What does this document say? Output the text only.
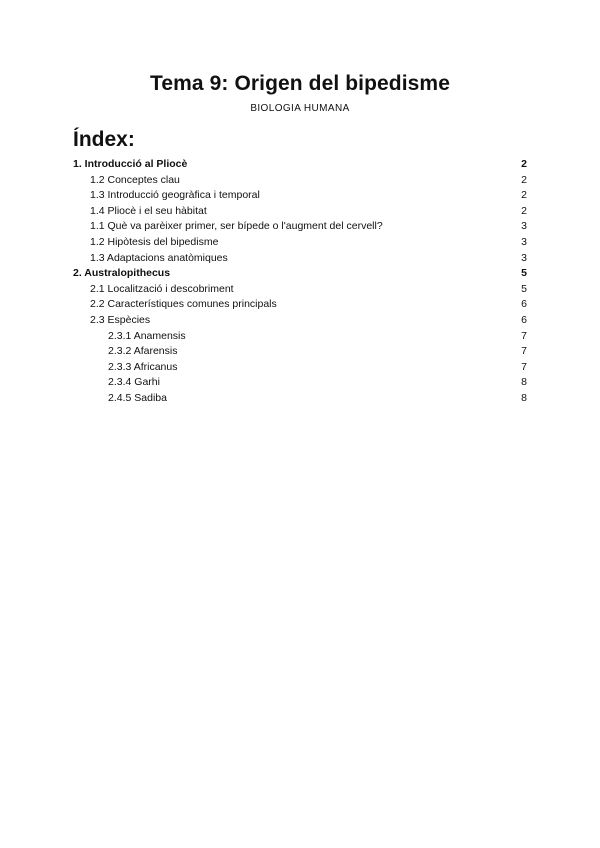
Tema 9: Origen del bipedisme
BIOLOGIA HUMANA
Índex:
1. Introducció al Pliocè	2
1.2 Conceptes clau	2
1.3 Introducció geogràfica i temporal	2
1.4 Pliocè i el seu hàbitat	2
1.1 Què va parèixer primer, ser bípede o l'augment del cervell?	3
1.2 Hipòtesis del bipedisme	3
1.3 Adaptacions anatòmiques	3
2. Australopithecus	5
2.1 Localització i descobriment	5
2.2 Característiques comunes principals	6
2.3 Espècies	6
2.3.1 Anamensis	7
2.3.2 Afarensis	7
2.3.3 Africanus	7
2.3.4 Garhi	8
2.4.5 Sadiba	8
